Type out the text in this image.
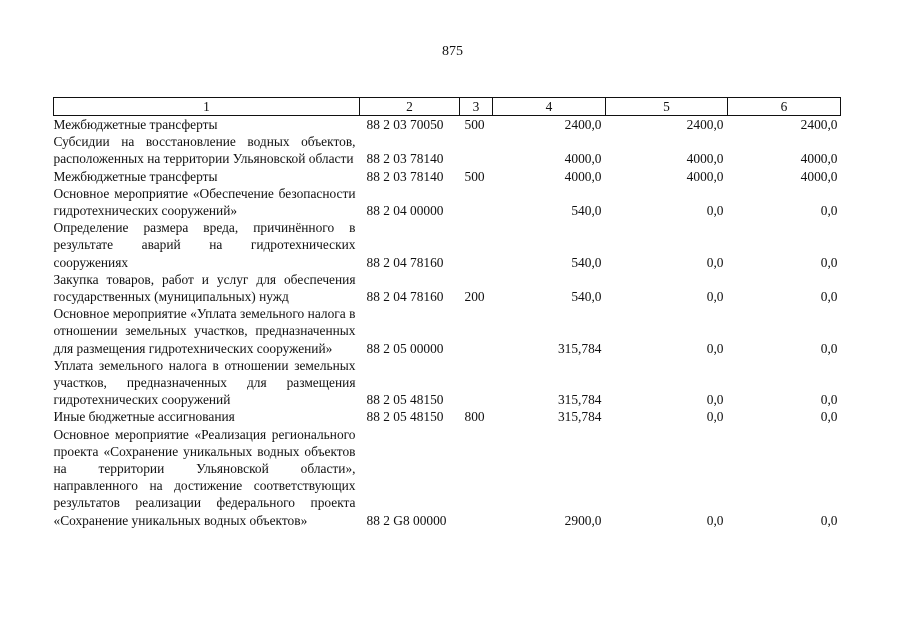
875
1	2	3	4	5	6
Межбюджетные трансферты	88 2 03 70050	500	2400,0	2400,0	2400,0
Субсидии на восстановление водных объектов, расположенных на территории Ульяновской области	88 2 03 78140		4000,0	4000,0	4000,0
Межбюджетные трансферты	88 2 03 78140	500	4000,0	4000,0	4000,0
Основное мероприятие «Обеспечение безопасности гидротехнических сооружений»	88 2 04 00000		540,0	0,0	0,0
Определение размера вреда, причинённого в результате аварий на гидротехнических сооружениях	88 2 04 78160		540,0	0,0	0,0
Закупка товаров, работ и услуг для обеспечения государственных (муниципальных) нужд	88 2 04 78160	200	540,0	0,0	0,0
Основное мероприятие «Уплата земельного налога в отношении земельных участков, предназначенных для размещения гидротехнических сооружений»	88 2 05 00000		315,784	0,0	0,0
Уплата земельного налога в отношении земельных участков, предназначенных для размещения гидротехнических сооружений	88 2 05 48150		315,784	0,0	0,0
Иные бюджетные ассигнования	88 2 05 48150	800	315,784	0,0	0,0
Основное мероприятие «Реализация регионального проекта «Сохранение уникальных водных объектов на территории Ульяновской области», направленного на достижение соответствующих результатов реализации федерального проекта «Сохранение уникальных водных объектов»	88 2 G8 00000		2900,0	0,0	0,0
